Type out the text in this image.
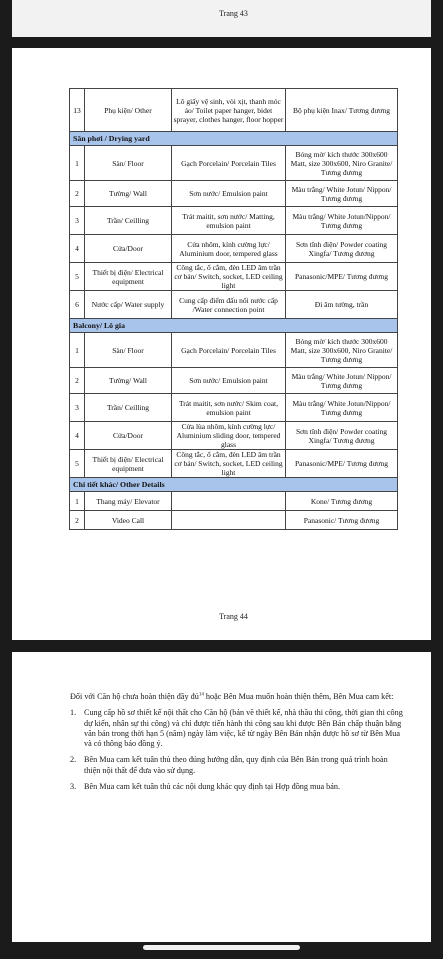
Trang 43
13	Phụ kiện/ Other	Lô giấy vệ sinh, vòi xịt, thanh móc áo/ Toilet paper hanger, bidet sprayer, clothes hanger, floor hopper	Bộ phụ kiện Inax/ Tương đương
Sân phơi / Drying yard			
1	Sàn/ Floor	Gạch Porcelain/ Porcelain Tiles	Bóng mờ/ kích thước 300x600 Matt, size 300x600, Niro Granite/ Tương đương
2	Tường/ Wall	Sơn nước/ Emulsion paint	Màu trắng/ White Jotun/ Nippon/ Tương đương
3	Trần/ Ceilling	Trát maitit, sơn nước/ Matting, emulsion paint	Màu trắng/ White Jotun/Nippon/ Tương đương
4	Cửa/Door	Cửa nhôm, kính cường lực/ Aluminium door, tempered glass	Sơn tĩnh điện/ Powder coating Xingfa/ Tương đương
5	Thiết bị điện/ Electrical equipment	Công tắc, ổ cắm, đèn LED âm trần cơ bản/ Switch, socket, LED ceiling light	Panasonic/MPE/ Tương đương
6	Nước cấp/ Water supply	Cung cấp điểm đấu nối nước cấp /Water connection point	Đi âm tường, trần
Balcony/ Lô gia			
1	Sàn/ Floor	Gạch Porcelain/ Porcelain Tiles	Bóng mờ/ kích thước 300x600 Matt, size 300x600, Niro Granite/ Tương đương
2	Tường/ Wall	Sơn nước/ Emulsion paint	Màu trắng/ White Jotun/ Nippon/ Tương đương
3	Trần/ Ceilling	Trát maitit, sơn nước/ Skim coat, emulsion paint	Màu trắng/ White Jotun/Nippon/ Tương đương
4	Cửa/Door	Cửa lùa nhôm, kính cường lực/ Aluminium sliding door, tempered glass	Sơn tĩnh điện/ Powder coating Xingfa/ Tương đương
5	Thiết bị điện/ Electrical equipment	Công tắc, ổ cắm, đèn LED âm trần cơ bản/ Switch, socket, LED ceiling light	Panasonic/MPE/ Tương đương
Chi tiết khác/ Other Details			
1	Thang máy/ Elevator		Kone/ Tương đương
2	Video Call		Panasonic/ Tương đương
Trang 44

Đối với Căn hộ chưa hoàn thiện đầy đủ$^{14}$ hoặc Bên Mua muốn hoàn thiện thêm, Bên Mua cam kết:

1. Cung cấp hồ sơ thiết kế nội thất cho Căn hộ (bản vẽ thiết kế, nhà thầu thi công, thời gian thi công dự kiến, nhân sự thi công) và chỉ được tiến hành thi công sau khi được Bên Bán chấp thuận bằng văn bản trong thời hạn 5 (năm) ngày làm việc, kể từ ngày Bên Bán nhận được hồ sơ từ Bên Mua và có thông báo đồng ý.
2. Bên Mua cam kết tuân thủ theo đúng hướng dẫn, quy định của Bên Bán trong quá trình hoàn thiện nội thất để đưa vào sử dụng.
3. Bên Mua cam kết tuân thủ các nội dung khác quy định tại Hợp đồng mua bán.
